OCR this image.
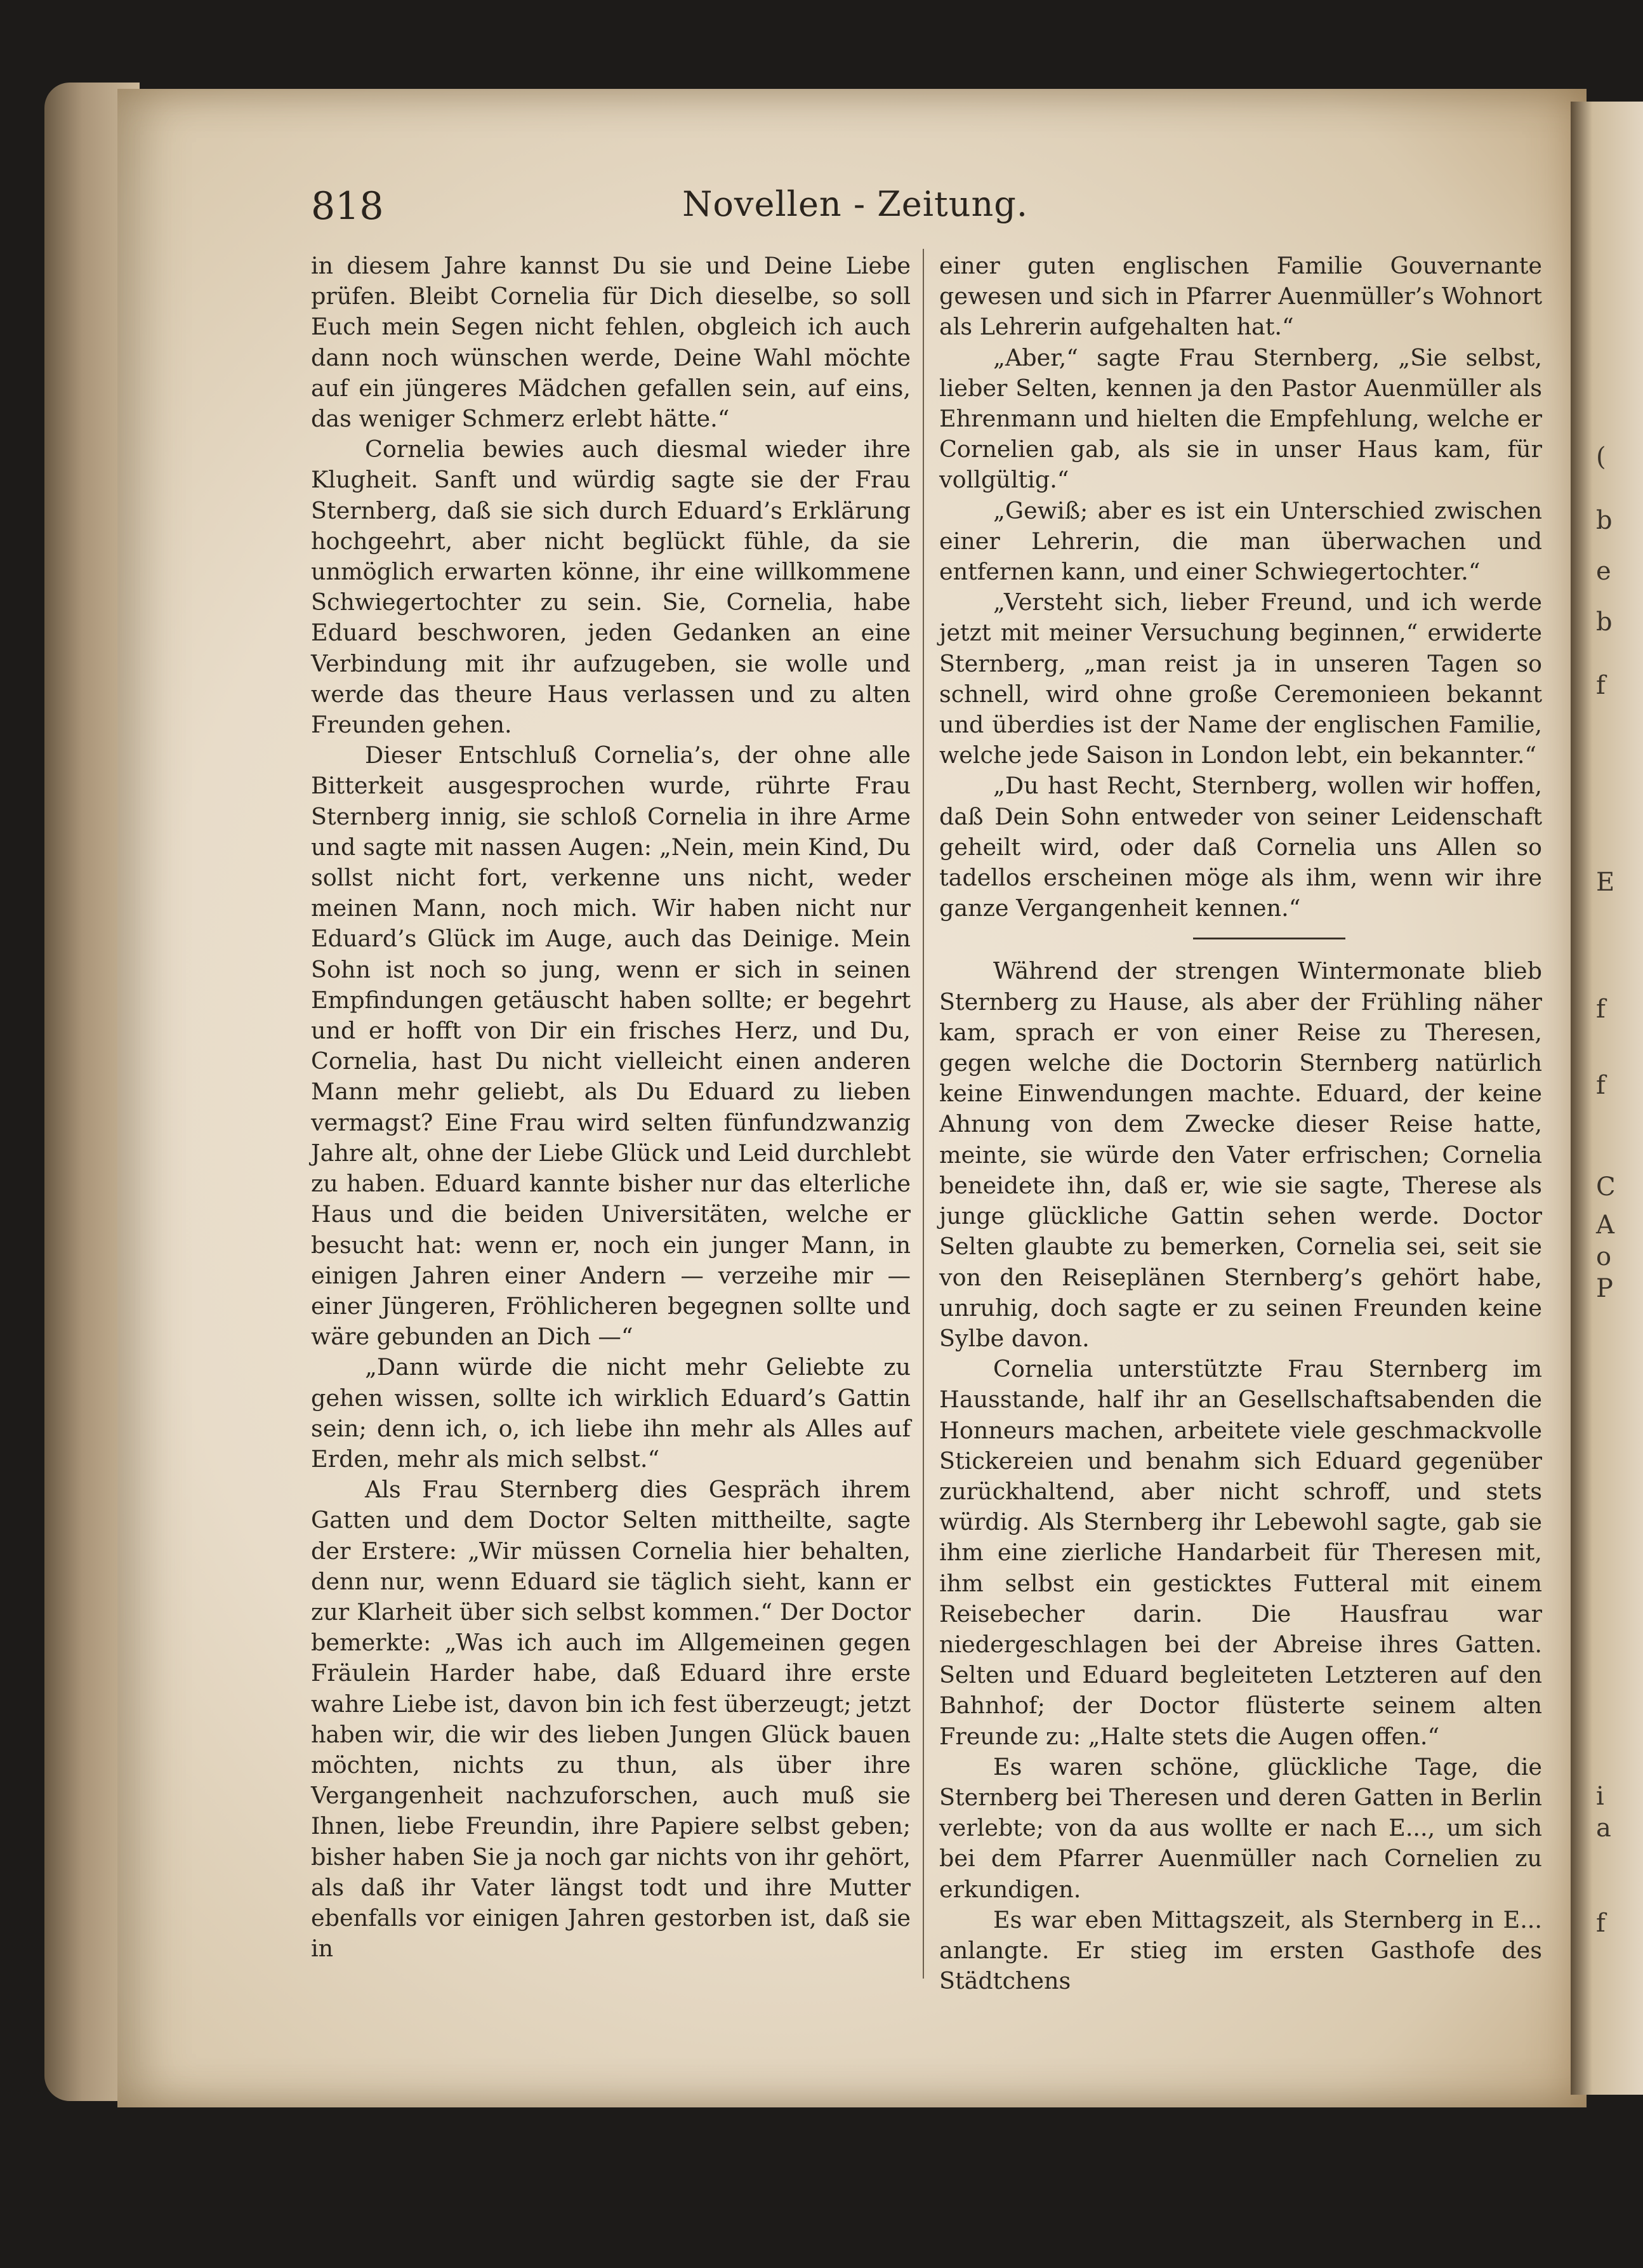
(
b
e
b
f
E
f
f
C
A
o
P
i
a
f
818	Novellen - Zeitung.

in diesem Jahre kannst Du sie und Deine Liebe prüfen. Bleibt Cornelia für Dich dieselbe, so soll Euch mein Segen nicht fehlen, obgleich ich auch dann noch wünschen werde, Deine Wahl möchte auf ein jüngeres Mädchen gefallen sein, auf eins, das weniger Schmerz erlebt hätte.“

Cornelia bewies auch diesmal wieder ihre Klugheit. Sanft und würdig sagte sie der Frau Sternberg, daß sie sich durch Eduard’s Erklärung hochgeehrt, aber nicht beglückt fühle, da sie unmöglich erwarten könne, ihr eine willkommene Schwiegertochter zu sein. Sie, Cornelia, habe Eduard beschworen, jeden Gedanken an eine Verbindung mit ihr aufzugeben, sie wolle und werde das theure Haus verlassen und zu alten Freunden gehen.

Dieser Entschluß Cornelia’s, der ohne alle Bitterkeit ausgesprochen wurde, rührte Frau Sternberg innig, sie schloß Cornelia in ihre Arme und sagte mit nassen Augen: „Nein, mein Kind, Du sollst nicht fort, verkenne uns nicht, weder meinen Mann, noch mich. Wir haben nicht nur Eduard’s Glück im Auge, auch das Deinige. Mein Sohn ist noch so jung, wenn er sich in seinen Empfindungen getäuscht haben sollte; er begehrt und er hofft von Dir ein frisches Herz, und Du, Cornelia, hast Du nicht vielleicht einen anderen Mann mehr geliebt, als Du Eduard zu lieben vermagst? Eine Frau wird selten fünfundzwanzig Jahre alt, ohne der Liebe Glück und Leid durchlebt zu haben. Eduard kannte bisher nur das elterliche Haus und die beiden Universitäten, welche er besucht hat: wenn er, noch ein junger Mann, in einigen Jahren einer Andern — verzeihe mir — einer Jüngeren, Fröhlicheren begegnen sollte und wäre gebunden an Dich —“

„Dann würde die nicht mehr Geliebte zu gehen wissen, sollte ich wirklich Eduard’s Gattin sein; denn ich, o, ich liebe ihn mehr als Alles auf Erden, mehr als mich selbst.“

Als Frau Sternberg dies Gespräch ihrem Gatten und dem Doctor Selten mittheilte, sagte der Erstere: „Wir müssen Cornelia hier behalten, denn nur, wenn Eduard sie täglich sieht, kann er zur Klarheit über sich selbst kommen.“ Der Doctor bemerkte: „Was ich auch im Allgemeinen gegen Fräulein Harder habe, daß Eduard ihre erste wahre Liebe ist, davon bin ich fest überzeugt; jetzt haben wir, die wir des lieben Jungen Glück bauen möchten, nichts zu thun, als über ihre Vergangenheit nachzuforschen, auch muß sie Ihnen, liebe Freundin, ihre Papiere selbst geben; bisher haben Sie ja noch gar nichts von ihr gehört, als daß ihr Vater längst todt und ihre Mutter ebenfalls vor einigen Jahren gestorben ist, daß sie in

einer guten englischen Familie Gouvernante gewesen und sich in Pfarrer Auenmüller’s Wohnort als Lehrerin aufgehalten hat.“

„Aber,“ sagte Frau Sternberg, „Sie selbst, lieber Selten, kennen ja den Pastor Auenmüller als Ehrenmann und hielten die Empfehlung, welche er Cornelien gab, als sie in unser Haus kam, für vollgültig.“

„Gewiß; aber es ist ein Unterschied zwischen einer Lehrerin, die man überwachen und entfernen kann, und einer Schwiegertochter.“

„Versteht sich, lieber Freund, und ich werde jetzt mit meiner Versuchung beginnen,“ erwiderte Sternberg, „man reist ja in unseren Tagen so schnell, wird ohne große Ceremonieen bekannt und überdies ist der Name der englischen Familie, welche jede Saison in London lebt, ein bekannter.“

„Du hast Recht, Sternberg, wollen wir hoffen, daß Dein Sohn entweder von seiner Leidenschaft geheilt wird, oder daß Cornelia uns Allen so tadellos erscheinen möge als ihm, wenn wir ihre ganze Vergangenheit kennen.“

Während der strengen Wintermonate blieb Sternberg zu Hause, als aber der Frühling näher kam, sprach er von einer Reise zu Theresen, gegen welche die Doctorin Sternberg natürlich keine Einwendungen machte. Eduard, der keine Ahnung von dem Zwecke dieser Reise hatte, meinte, sie würde den Vater erfrischen; Cornelia beneidete ihn, daß er, wie sie sagte, Therese als junge glückliche Gattin sehen werde. Doctor Selten glaubte zu bemerken, Cornelia sei, seit sie von den Reiseplänen Sternberg’s gehört habe, unruhig, doch sagte er zu seinen Freunden keine Sylbe davon.

Cornelia unterstützte Frau Sternberg im Hausstande, half ihr an Gesellschaftsabenden die Honneurs machen, arbeitete viele geschmackvolle Stickereien und benahm sich Eduard gegenüber zurückhaltend, aber nicht schroff, und stets würdig. Als Sternberg ihr Lebewohl sagte, gab sie ihm eine zierliche Handarbeit für Theresen mit, ihm selbst ein gesticktes Futteral mit einem Reisebecher darin. Die Hausfrau war niedergeschlagen bei der Abreise ihres Gatten. Selten und Eduard begleiteten Letzteren auf den Bahnhof; der Doctor flüsterte seinem alten Freunde zu: „Halte stets die Augen offen.“

Es waren schöne, glückliche Tage, die Sternberg bei Theresen und deren Gatten in Berlin verlebte; von da aus wollte er nach E..., um sich bei dem Pfarrer Auenmüller nach Cornelien zu erkundigen.

Es war eben Mittagszeit, als Sternberg in E... anlangte. Er stieg im ersten Gasthofe des Städtchens
